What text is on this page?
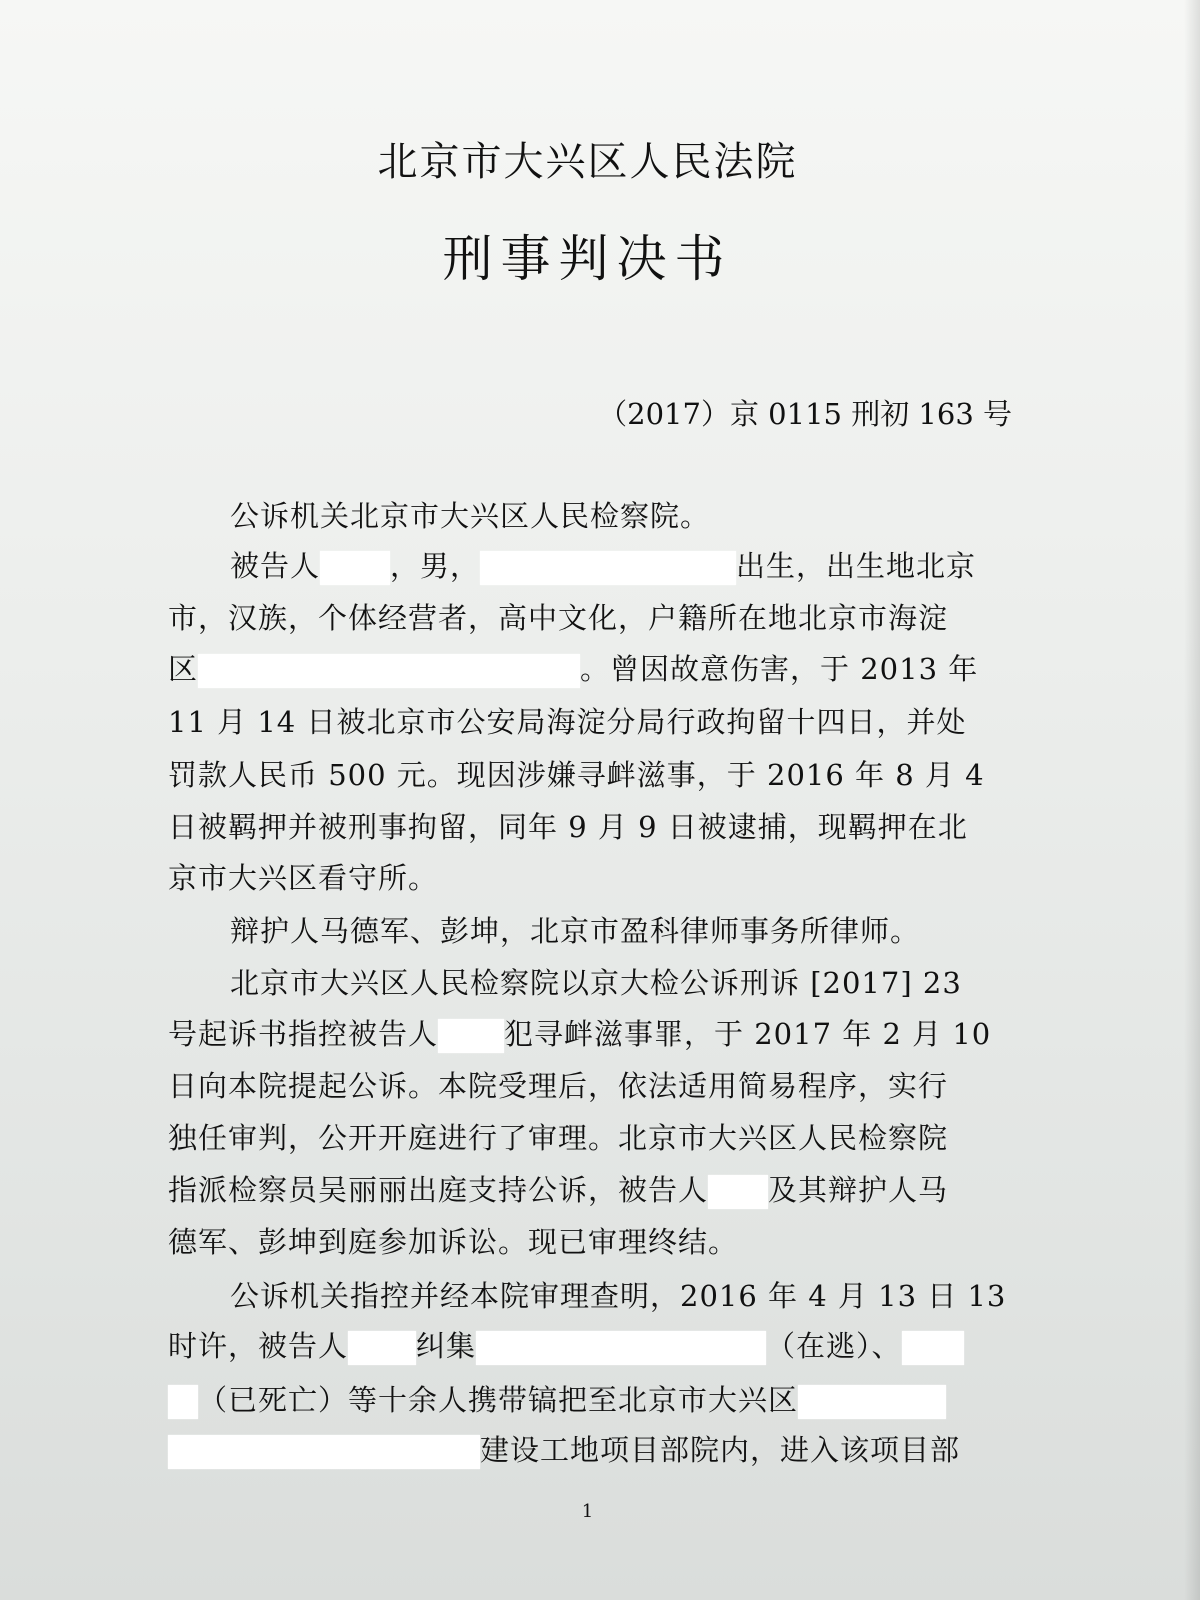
北京市大兴区人民法院
刑事判决书
（2017）京 0115 刑初 163 号
公诉机关北京市大兴区人民检察院。
被告人 ，男，	出生，出生地北京
市，汉族，个体经营者，高中文化，户籍所在地北京市海淀
区	。曾因故意伤害，于 2013 年
11 月 14 日被北京市公安局海淀分局行政拘留十四日，并处
罚款人民币 500 元。现因涉嫌寻衅滋事，于 2016 年 8 月 4
日被羁押并被刑事拘留，同年 9 月 9 日被逮捕，现羁押在北
京市大兴区看守所。
辩护人马德军、彭坤，北京市盈科律师事务所律师。
北京市大兴区人民检察院以京大检公诉刑诉 [2017] 23
号起诉书指控被告人 犯寻衅滋事罪，于 2017 年 2 月 10
日向本院提起公诉。本院受理后，依法适用简易程序，实行
独任审判，公开开庭进行了审理。北京市大兴区人民检察院
指派检察员吴丽丽出庭支持公诉，被告人 及其辩护人马
德军、彭坤到庭参加诉讼。现已审理终结。
公诉机关指控并经本院审理查明，2016 年 4 月 13 日 13
时许，被告人 纠集	（在逃）、
（已死亡）等十余人携带镐把至北京市大兴区
建设工地项目部院内，进入该项目部
1
